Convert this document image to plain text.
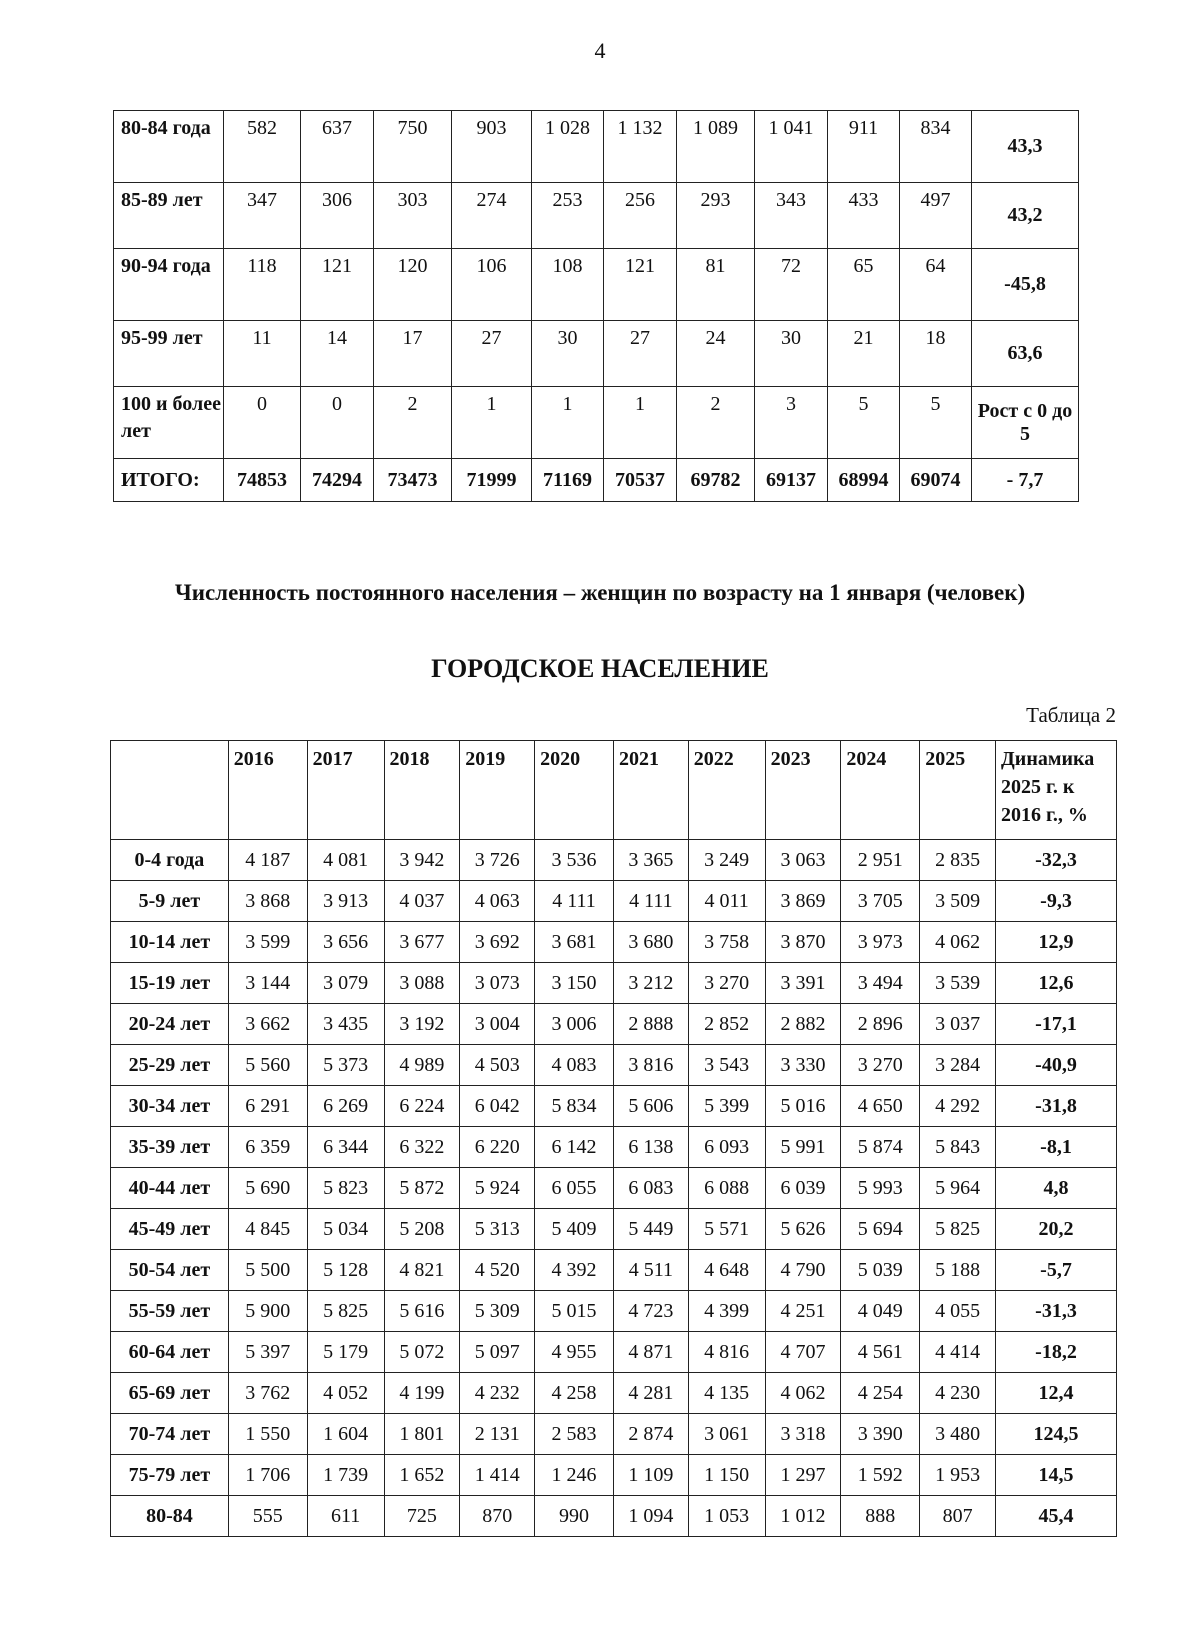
4
80-84 года	582	637	750	903	1 028	1 132	1 089	1 041	911	834	43,3
85-89 лет	347	306	303	274	253	256	293	343	433	497	43,2
90-94 года	118	121	120	106	108	121	81	72	65	64	-45,8
95-99 лет	11	14	17	27	30	27	24	30	21	18	63,6
100 и более лет	0	0	2	1	1	1	2	3	5	5	Рост с 0 до 5
ИТОГО:	74853	74294	73473	71999	71169	70537	69782	69137	68994	69074	- 7,7
Численность постоянного населения – женщин по возрасту на 1 января (человек)
ГОРОДСКОЕ НАСЕЛЕНИЕ
Таблица 2
	2016	2017	2018	2019	2020	2021	2022	2023	2024	2025	Динамика 2025 г. к 2016 г., %
0-4 года	4 187	4 081	3 942	3 726	3 536	3 365	3 249	3 063	2 951	2 835	-32,3
5-9 лет	3 868	3 913	4 037	4 063	4 111	4 111	4 011	3 869	3 705	3 509	-9,3
10-14 лет	3 599	3 656	3 677	3 692	3 681	3 680	3 758	3 870	3 973	4 062	12,9
15-19 лет	3 144	3 079	3 088	3 073	3 150	3 212	3 270	3 391	3 494	3 539	12,6
20-24 лет	3 662	3 435	3 192	3 004	3 006	2 888	2 852	2 882	2 896	3 037	-17,1
25-29 лет	5 560	5 373	4 989	4 503	4 083	3 816	3 543	3 330	3 270	3 284	-40,9
30-34 лет	6 291	6 269	6 224	6 042	5 834	5 606	5 399	5 016	4 650	4 292	-31,8
35-39 лет	6 359	6 344	6 322	6 220	6 142	6 138	6 093	5 991	5 874	5 843	-8,1
40-44 лет	5 690	5 823	5 872	5 924	6 055	6 083	6 088	6 039	5 993	5 964	4,8
45-49 лет	4 845	5 034	5 208	5 313	5 409	5 449	5 571	5 626	5 694	5 825	20,2
50-54 лет	5 500	5 128	4 821	4 520	4 392	4 511	4 648	4 790	5 039	5 188	-5,7
55-59 лет	5 900	5 825	5 616	5 309	5 015	4 723	4 399	4 251	4 049	4 055	-31,3
60-64 лет	5 397	5 179	5 072	5 097	4 955	4 871	4 816	4 707	4 561	4 414	-18,2
65-69 лет	3 762	4 052	4 199	4 232	4 258	4 281	4 135	4 062	4 254	4 230	12,4
70-74 лет	1 550	1 604	1 801	2 131	2 583	2 874	3 061	3 318	3 390	3 480	124,5
75-79 лет	1 706	1 739	1 652	1 414	1 246	1 109	1 150	1 297	1 592	1 953	14,5
80-84	555	611	725	870	990	1 094	1 053	1 012	888	807	45,4
